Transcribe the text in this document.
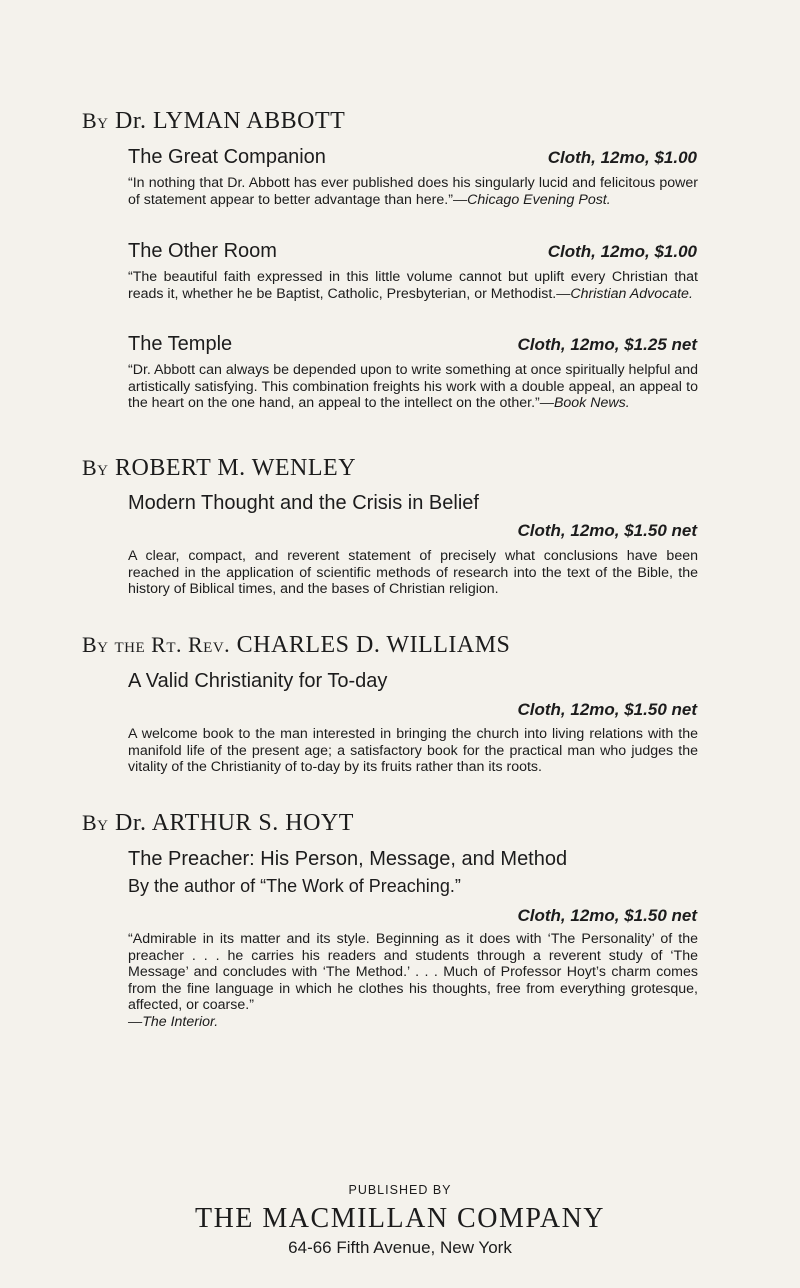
By Dr. LYMAN ABBOTT
The Great Companion	Cloth, 12mo, $1.00
“In nothing that Dr. Abbott has ever published does his singularly lucid and felicitous power of statement appear to better advantage than here.”—Chicago Evening Post.
The Other Room	Cloth, 12mo, $1.00
“The beautiful faith expressed in this little volume cannot but uplift every Christian that reads it, whether he be Baptist, Catholic, Presbyterian, or Methodist.—Christian Advocate.
The Temple	Cloth, 12mo, $1.25 net
“Dr. Abbott can always be depended upon to write something at once spiritually helpful and artistically satisfying. This combination freights his work with a double appeal, an appeal to the heart on the one hand, an appeal to the intellect on the other.”—Book News.
By ROBERT M. WENLEY
Modern Thought and the Crisis in Belief
Cloth, 12mo, $1.50 net
A clear, compact, and reverent statement of precisely what conclusions have been reached in the application of scientific methods of research into the text of the Bible, the history of Biblical times, and the bases of Christian religion.
By the Rt. Rev. CHARLES D. WILLIAMS
A Valid Christianity for To-day
Cloth, 12mo, $1.50 net
A welcome book to the man interested in bringing the church into living relations with the manifold life of the present age; a satisfactory book for the practical man who judges the vitality of the Christianity of to-day by its fruits rather than its roots.
By Dr. ARTHUR S. HOYT
The Preacher: His Person, Message, and Method
By the author of “The Work of Preaching.”
Cloth, 12mo, $1.50 net
“Admirable in its matter and its style. Beginning as it does with ‘The Personality’ of the preacher . . . he carries his readers and students through a reverent study of ‘The Message’ and concludes with ‘The Method.’ . . . Much of Professor Hoyt’s charm comes from the fine language in which he clothes his thoughts, free from everything grotesque, affected, or coarse.”
—The Interior.
PUBLISHED BY
THE MACMILLAN COMPANY
64-66 Fifth Avenue, New York
